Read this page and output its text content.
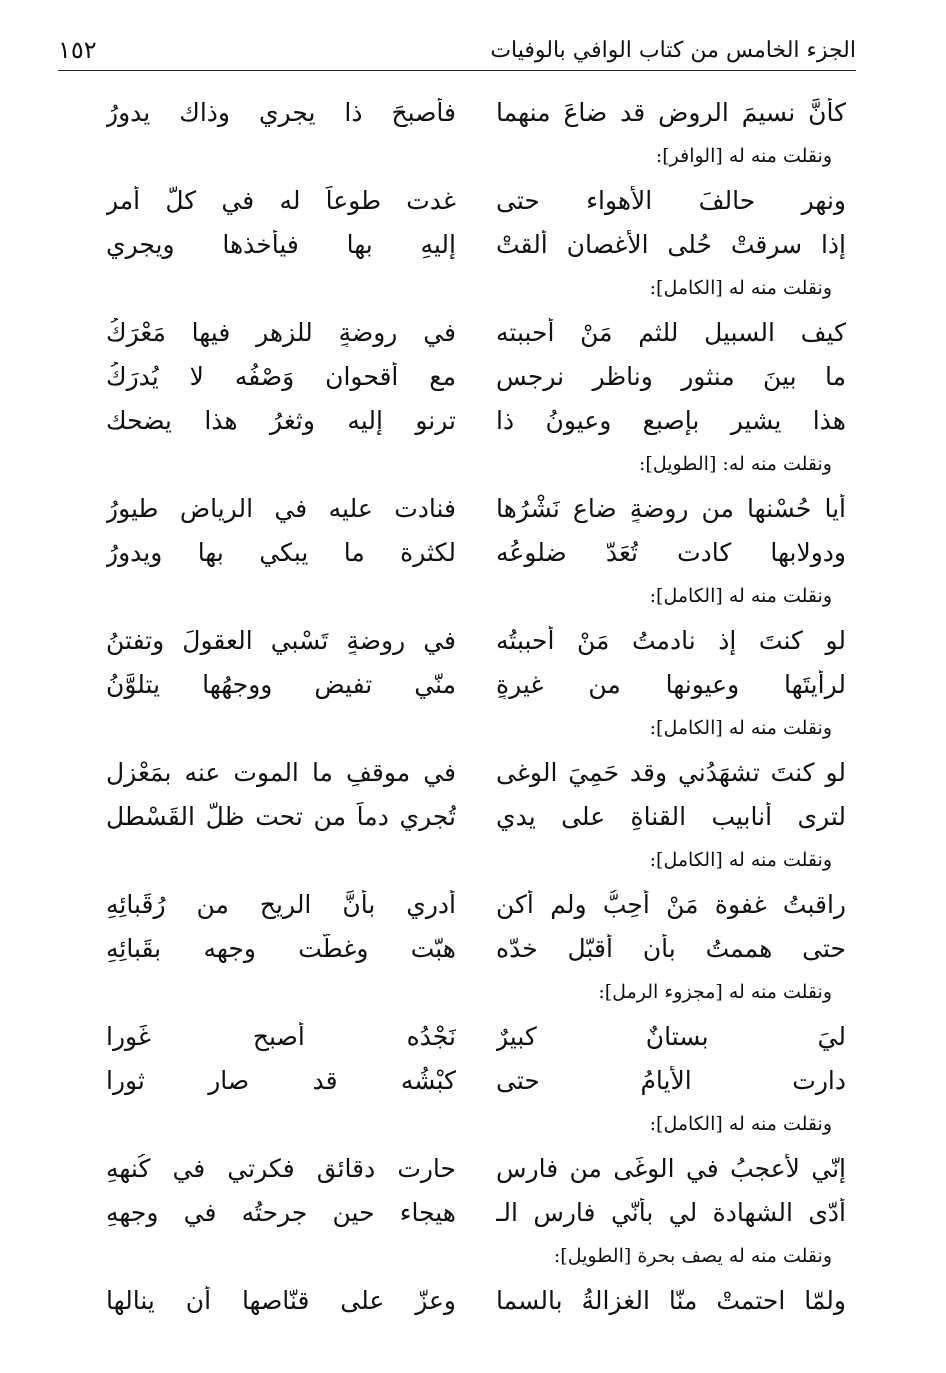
الجزء الخامس من كتاب الوافي بالوفيات
١٥٢
كأنَّ نسيمَ الروضِ قد ضاعَ منهما
فأصبحَ ذا يجري وذاك يدورُ
ونقلت منه له [الوافر]:
ونهرٍ حالفَ الأهواء حتى
غدت طوعاً له في كلّ أمرِ
إذا سرقتْ حُلى الأغصان ألقتْ
إليهِ بها فيأخذها ويجري
ونقلت منه له [الكامل]:
كيف السبيل للثم مَنْ أحببته
في روضةٍ للزهر فيها مَعْرَكُ
ما بينَ منثورٍ وناظرِ نرجسٍ
مع أُقحوان وَصْفُه لا يُدرَكُ
هذا يشير بإصبعٍ وعيونُ ذا
ترنو إليه وثغرُ هذا يضحك
ونقلت منه له: [الطويل]:
أيا حُسْنها من روضةٍ ضاع نَشْرُها
فنادت عليه في الرياض طيورُ
ودولابها كادت تُعَدّ ضلوعُه
لكثرة ما يبكي بها ويدورُ
ونقلت منه له [الكامل]:
لو كنتَ إذ نادمتُ مَنْ أحببتُه
في روضةٍ تَسْبي العقولَ وتفتنُ
لرأيتَها وعيونها من غيرةٍ
منّي تفيض ووجهُها يتلوَّنُ
ونقلت منه له [الكامل]:
لو كنتَ تشهَدُني وقد حَمِيَ الوغى
في موقفٍ ما الموت عنه بمَعْزِلِ
لترى أنابيب القناةِ على يدي
تُجري دماً من تحت ظلّ القَسْطلِ
ونقلت منه له [الكامل]:
راقبتُ غفوة مَنْ أُحِبُّ ولم أكن
أدري بأنَّ الريح من رُقَبائِهِ
حتى هممتُ بأن أُقبّل خدّه
هبّت وغطّت وجهه بقَبائِهِ
ونقلت منه له [مجزوء الرمل]:
ليَ بستانٌ كبيرٌ
نَجْدُه أصبح غَورا
دارت الأيامُ حتى
كبْشُه قد صار ثورا
ونقلت منه له [الكامل]:
إنّي لأعجبُ في الوغَى من فارسٍ
حارت دقائق فكرتي في كُنهِهِ
أدّى الشهادة لي بأنّي فارس الـ
هيجاء حين جرحتُه في وجهِهِ
ونقلت منه له يصف بحرة [الطويل]:
ولمّا احتمتْ منّا الغزالةُ بالسما
وعزّ على قنّاصها أن ينالها
